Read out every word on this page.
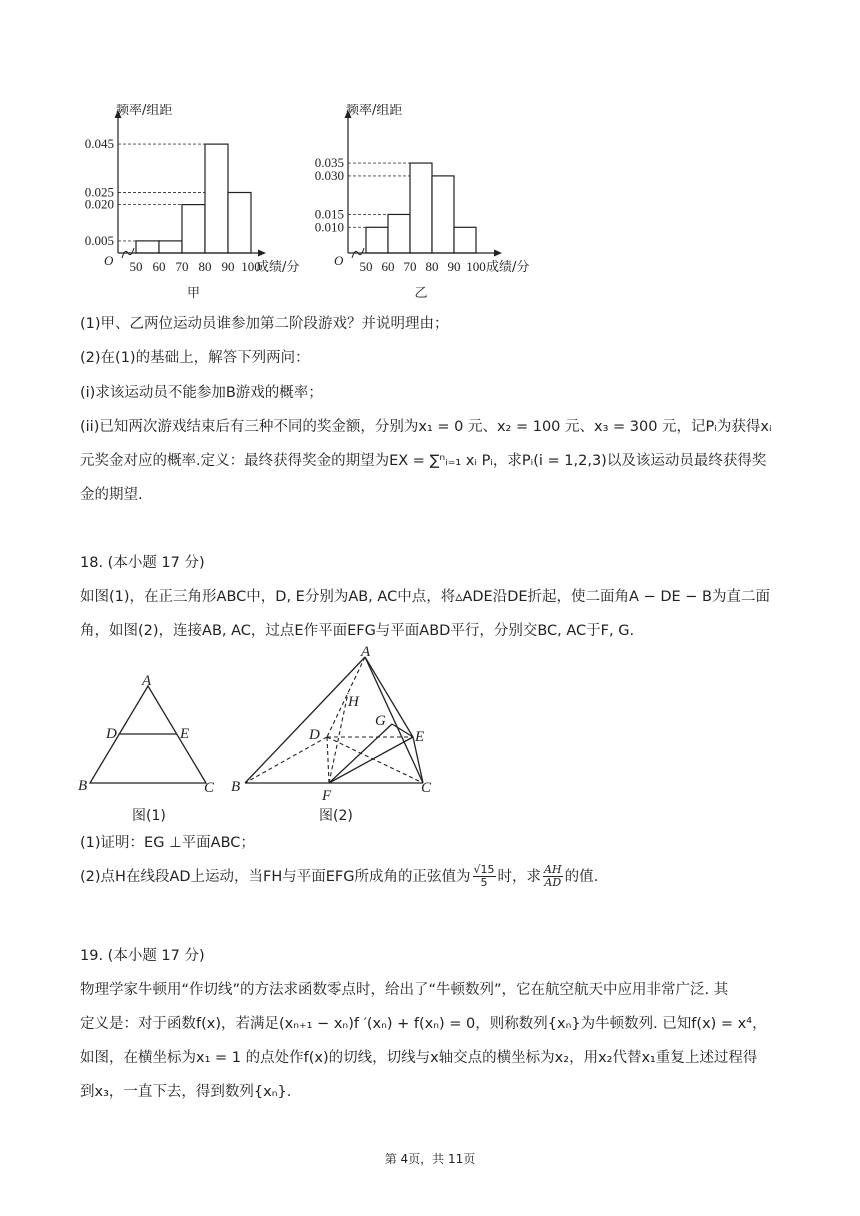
频率/组距
O
0.045
0.025
0.020
0.005
50 60 70 80 90 100
成绩/分
甲
频率/组距
O
0.035
0.030
0.015
0.010
50 60 70 80 90 100 成绩/分
乙
(1)甲、乙两位运动员谁参加第二阶段游戏？并说明理由；
(2)在(1)的基础上，解答下列两问：
(i)求该运动员不能参加B游戏的概率；
(ii)已知两次游戏结束后有三种不同的奖金额，分别为x₁ = 0 元、x₂ = 100 元、x₃ = 300 元，记Pᵢ为获得xᵢ
元奖金对应的概率.定义：最终获得奖金的期望为EX = ∑ⁿᵢ₌₁ xᵢ Pᵢ，求Pᵢ(i = 1,2,3)以及该运动员最终获得奖
金的期望.
18. (本小题 17 分)
如图(1)，在正三角形ABC中，D, E分别为AB, AC中点，将▵ADE沿DE折起，使二面角A − DE − B为直二面
角，如图(2)，连接AB, AC，过点E作平面EFG与平面ABD平行，分别交BC, AC于F, G.
A
D	E
B	C
图(1)
A
H
G
D	E
B
F	C
图(2)
(1)证明：EG ⊥平面ABC；
(2)点H在线段AD上运动，当FH与平面EFG所成角的正弦值为 $\frac{√15}{5}$ 时，求 $\frac{AH}{AD}$ 的值.
19. (本小题 17 分)
物理学家牛顿用“作切线”的方法求函数零点时，给出了“牛顿数列”，它在航空航天中应用非常广泛. 其
定义是：对于函数f(x)，若满足(xₙ₊₁ − xₙ)f ′(xₙ) + f(xₙ) = 0，则称数列{xₙ}为牛顿数列. 已知f(x) = x⁴，
如图，在横坐标为x₁ = 1 的点处作f(x)的切线，切线与x轴交点的横坐标为x₂，用x₂代替x₁重复上述过程得
到x₃，一直下去，得到数列{xₙ}.
第 4页，共 11页
